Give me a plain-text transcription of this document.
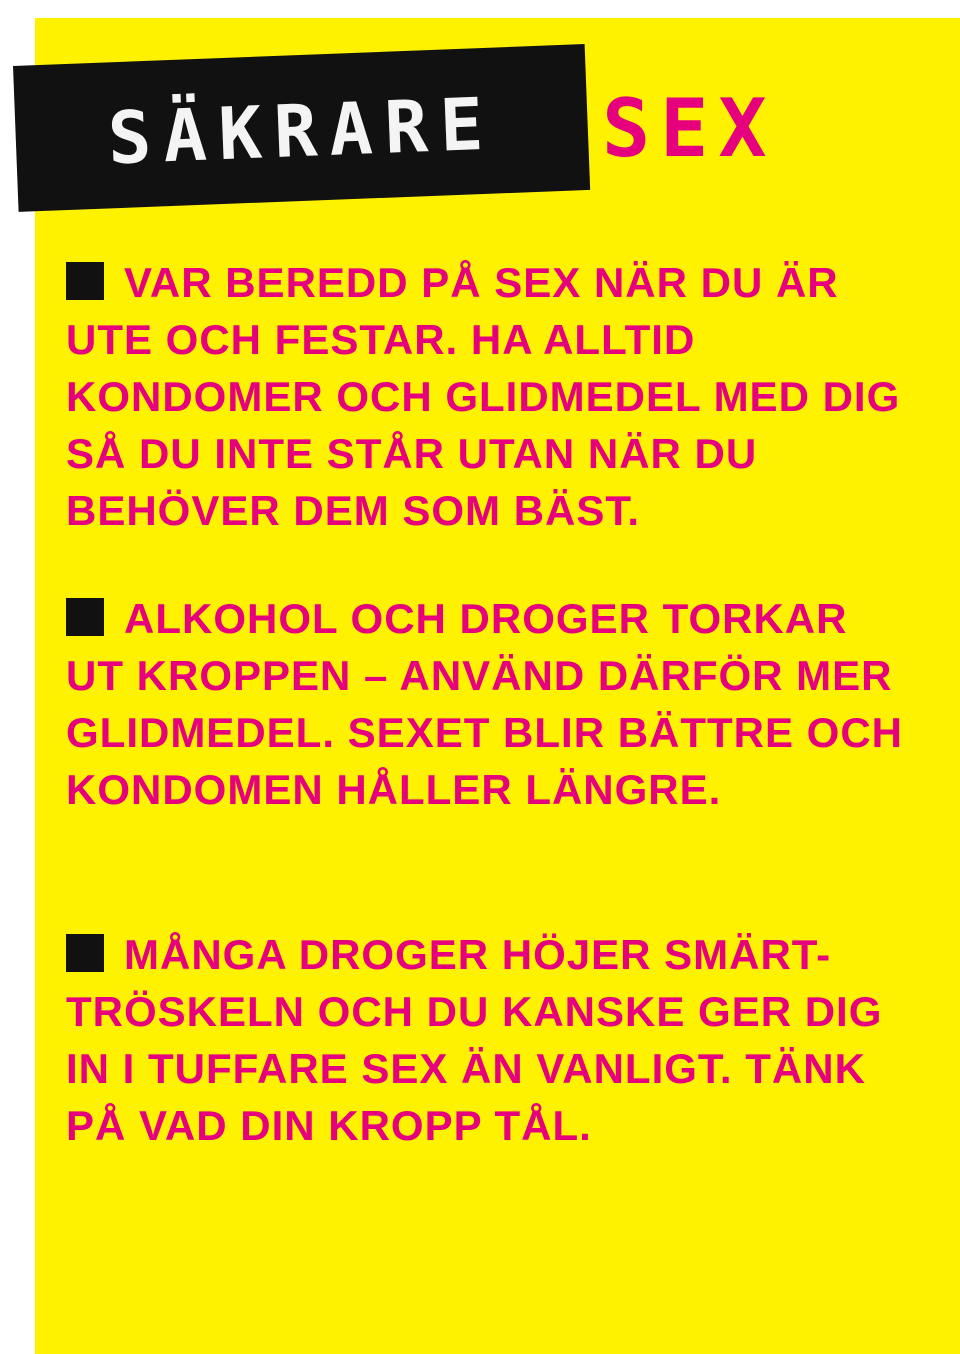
SÄKRARE	SEX

VAR BEREDD PÅ SEX NÄR DU ÄR UTE OCH FESTAR. HA ALLTID KONDOMER OCH GLIDMEDEL MED DIG SÅ DU INTE STÅR UTAN NÄR DU BEHÖVER DEM SOM BÄST.

ALKOHOL OCH DROGER TORKAR UT KROPPEN – ANVÄND DÄRFÖR MER GLIDMEDEL. SEXET BLIR BÄTTRE OCH KONDOMEN HÅLLER LÄNGRE.

MÅNGA DROGER HÖJER SMÄRT-TRÖSKELN OCH DU KANSKE GER DIG IN I TUFFARE SEX ÄN VANLIGT. TÄNK PÅ VAD DIN KROPP TÅL.
